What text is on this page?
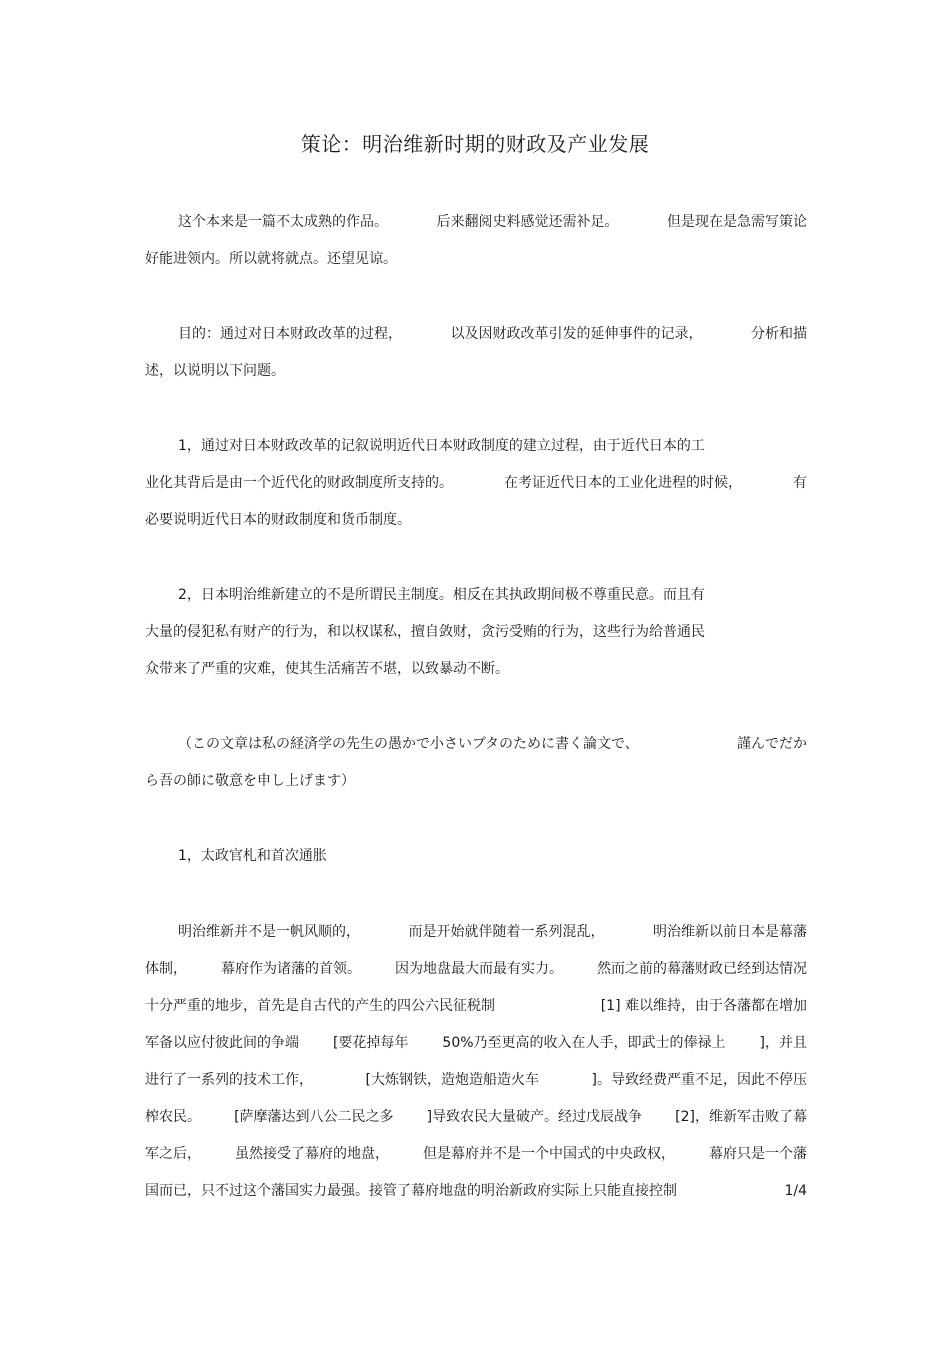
策论：明治维新时期的财政及产业发展
这个本来是一篇不太成熟的作品。	后来翻阅史料感觉还需补足。	但是现在是急需写策论
好能进领内。所以就将就点。还望见谅。
目的：通过对日本财政改革的过程，	以及因财政改革引发的延伸事件的记录，	分析和描
述，以说明以下问题。
1，通过对日本财政改革的记叙说明近代日本财政制度的建立过程，由于近代日本的工
业化其背后是由一个近代化的财政制度所支持的。	在考证近代日本的工业化进程的时候，	有
必要说明近代日本的财政制度和货币制度。
2，日本明治维新建立的不是所谓民主制度。相反在其执政期间极不尊重民意。而且有
大量的侵犯私有财产的行为，和以权谋私，擅自敛财，贪污受贿的行为，这些行为给普通民
众带来了严重的灾难，使其生活痛苦不堪，以致暴动不断。
（この文章は私の経済学の先生の愚かで小さいブタのために書く論文で、	謹んでだか
ら吾の師に敬意を申し上げます）
1，太政官札和首次通胀
明治维新并不是一帆风顺的，	而是开始就伴随着一系列混乱，	明治维新以前日本是幕藩
体制， 幕府作为诸藩的首领。 因为地盘最大而最有实力。 然而之前的幕藩财政已经到达情况
十分严重的地步，首先是自古代的产生的四公六民征税制	[1] 难以维持，由于各藩都在增加
军备以应付彼此间的争端 [要花掉每年 50%乃至更高的收入在人手，即武士的俸禄上 ]，并且
进行了一系列的技术工作，	[大炼钢铁，造炮造船造火车	]。导致经费严重不足，因此不停压
榨农民。 [萨摩藩达到八公二民之多 ]导致农民大量破产。经过戊辰战争 [2]，维新军击败了幕
军之后， 虽然接受了幕府的地盘， 但是幕府并不是一个中国式的中央政权， 幕府只是一个藩
国而已，只不过这个藩国实力最强。接管了幕府地盘的明治新政府实际上只能直接控制	1/4
